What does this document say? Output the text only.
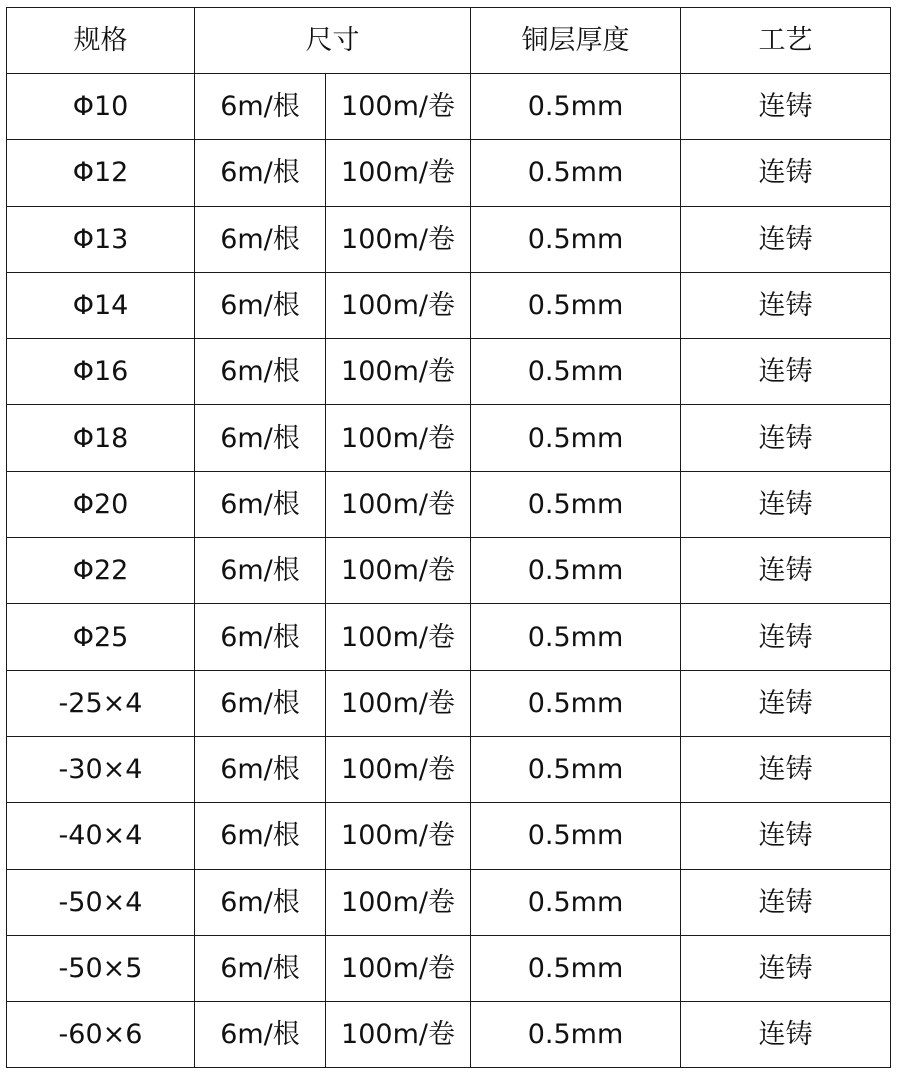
规格	尺寸		铜层厚度	工艺
Φ10	6m/根	100m/卷	0.5mm	连铸
Φ12	6m/根	100m/卷	0.5mm	连铸
Φ13	6m/根	100m/卷	0.5mm	连铸
Φ14	6m/根	100m/卷	0.5mm	连铸
Φ16	6m/根	100m/卷	0.5mm	连铸
Φ18	6m/根	100m/卷	0.5mm	连铸
Φ20	6m/根	100m/卷	0.5mm	连铸
Φ22	6m/根	100m/卷	0.5mm	连铸
Φ25	6m/根	100m/卷	0.5mm	连铸
-25×4	6m/根	100m/卷	0.5mm	连铸
-30×4	6m/根	100m/卷	0.5mm	连铸
-40×4	6m/根	100m/卷	0.5mm	连铸
-50×4	6m/根	100m/卷	0.5mm	连铸
-50×5	6m/根	100m/卷	0.5mm	连铸
-60×6	6m/根	100m/卷	0.5mm	连铸
